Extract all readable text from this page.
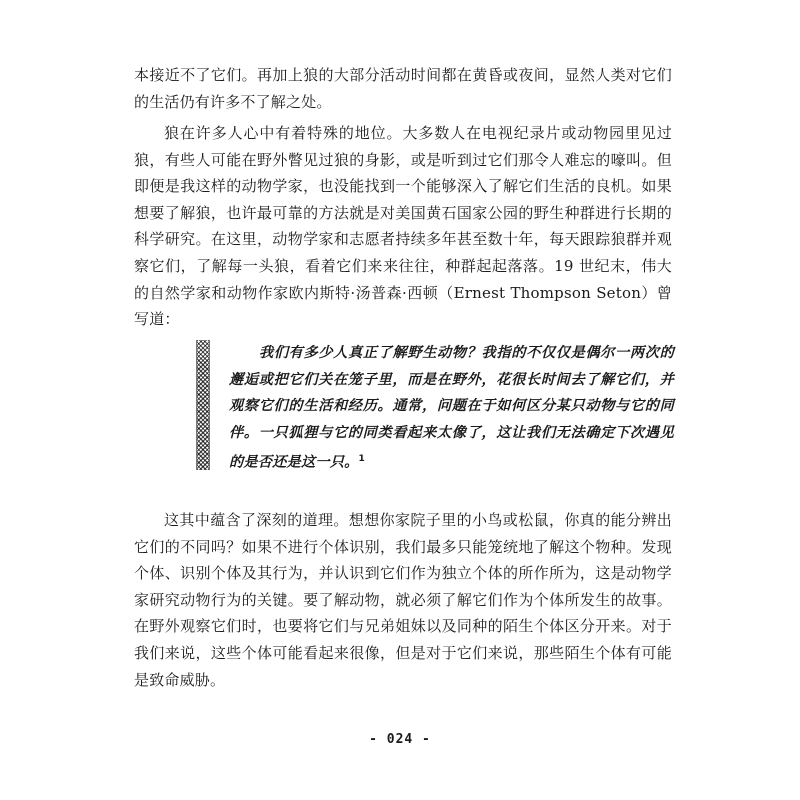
本接近不了它们。再加上狼的大部分活动时间都在黄昏或夜间，显然人类对它们的生活仍有许多不了解之处。

狼在许多人心中有着特殊的地位。大多数人在电视纪录片或动物园里见过狼，有些人可能在野外瞥见过狼的身影，或是听到过它们那令人难忘的嚎叫。但即便是我这样的动物学家，也没能找到一个能够深入了解它们生活的良机。如果想要了解狼，也许最可靠的方法就是对美国黄石国家公园的野生种群进行长期的科学研究。在这里，动物学家和志愿者持续多年甚至数十年，每天跟踪狼群并观察它们，了解每一头狼，看着它们来来往往，种群起起落落。19 世纪末，伟大的自然学家和动物作家欧内斯特·汤普森·西顿（Ernest Thompson Seton）曾写道：

我们有多少人真正了解野生动物？我指的不仅仅是偶尔一两次的邂逅或把它们关在笼子里，而是在野外，花很长时间去了解它们，并观察它们的生活和经历。通常，问题在于如何区分某只动物与它的同伴。一只狐狸与它的同类看起来太像了，这让我们无法确定下次遇见的是否还是这一只。$^1$

这其中蕴含了深刻的道理。想想你家院子里的小鸟或松鼠，你真的能分辨出它们的不同吗？如果不进行个体识别，我们最多只能笼统地了解这个物种。发现个体、识别个体及其行为，并认识到它们作为独立个体的所作所为，这是动物学家研究动物行为的关键。要了解动物，就必须了解它们作为个体所发生的故事。在野外观察它们时，也要将它们与兄弟姐妹以及同种的陌生个体区分开来。对于我们来说，这些个体可能看起来很像，但是对于它们来说，那些陌生个体有可能是致命威胁。

- 024 -
